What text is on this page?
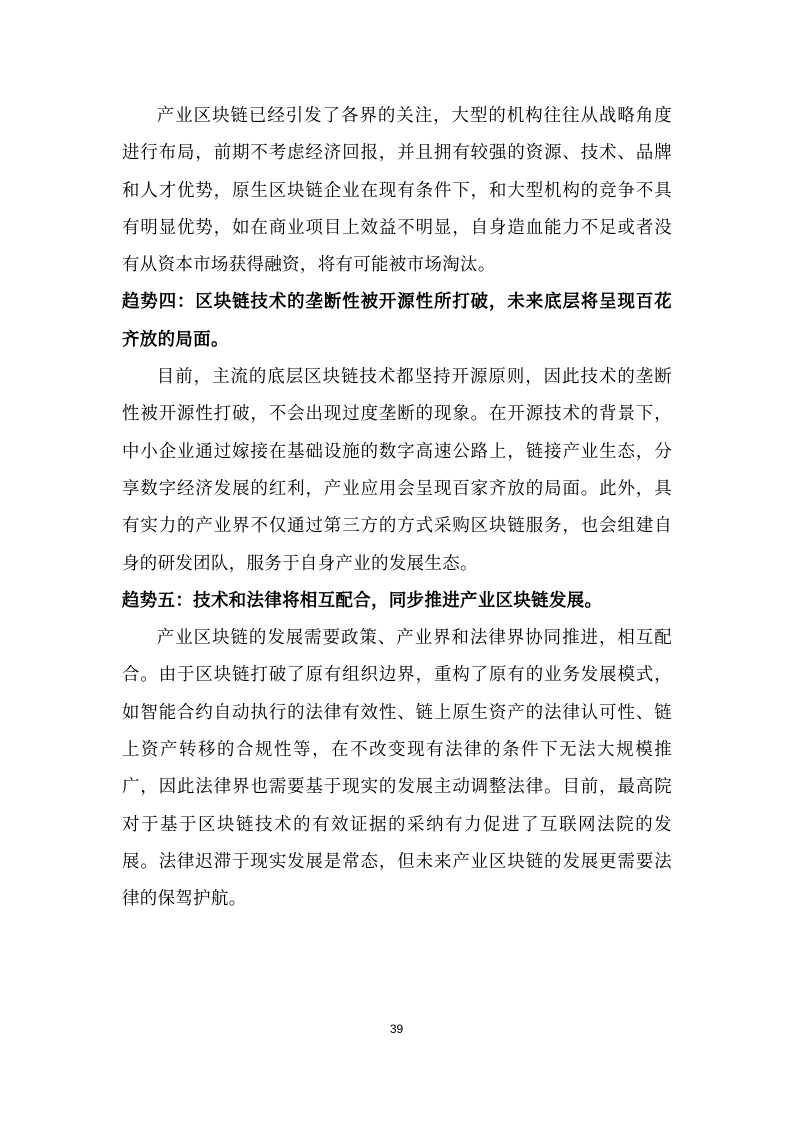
产业区块链已经引发了各界的关注，大型的机构往往从战略角度进行布局，前期不考虑经济回报，并且拥有较强的资源、技术、品牌和人才优势，原生区块链企业在现有条件下，和大型机构的竞争不具有明显优势，如在商业项目上效益不明显，自身造血能力不足或者没有从资本市场获得融资，将有可能被市场淘汰。

趋势四：区块链技术的垄断性被开源性所打破，未来底层将呈现百花齐放的局面。

目前，主流的底层区块链技术都坚持开源原则，因此技术的垄断性被开源性打破，不会出现过度垄断的现象。在开源技术的背景下，中小企业通过嫁接在基础设施的数字高速公路上，链接产业生态，分享数字经济发展的红利，产业应用会呈现百家齐放的局面。此外，具有实力的产业界不仅通过第三方的方式采购区块链服务，也会组建自身的研发团队，服务于自身产业的发展生态。

趋势五：技术和法律将相互配合，同步推进产业区块链发展。

产业区块链的发展需要政策、产业界和法律界协同推进，相互配合。由于区块链打破了原有组织边界，重构了原有的业务发展模式，如智能合约自动执行的法律有效性、链上原生资产的法律认可性、链上资产转移的合规性等，在不改变现有法律的条件下无法大规模推广，因此法律界也需要基于现实的发展主动调整法律。目前，最高院对于基于区块链技术的有效证据的采纳有力促进了互联网法院的发展。法律迟滞于现实发展是常态，但未来产业区块链的发展更需要法律的保驾护航。

39
